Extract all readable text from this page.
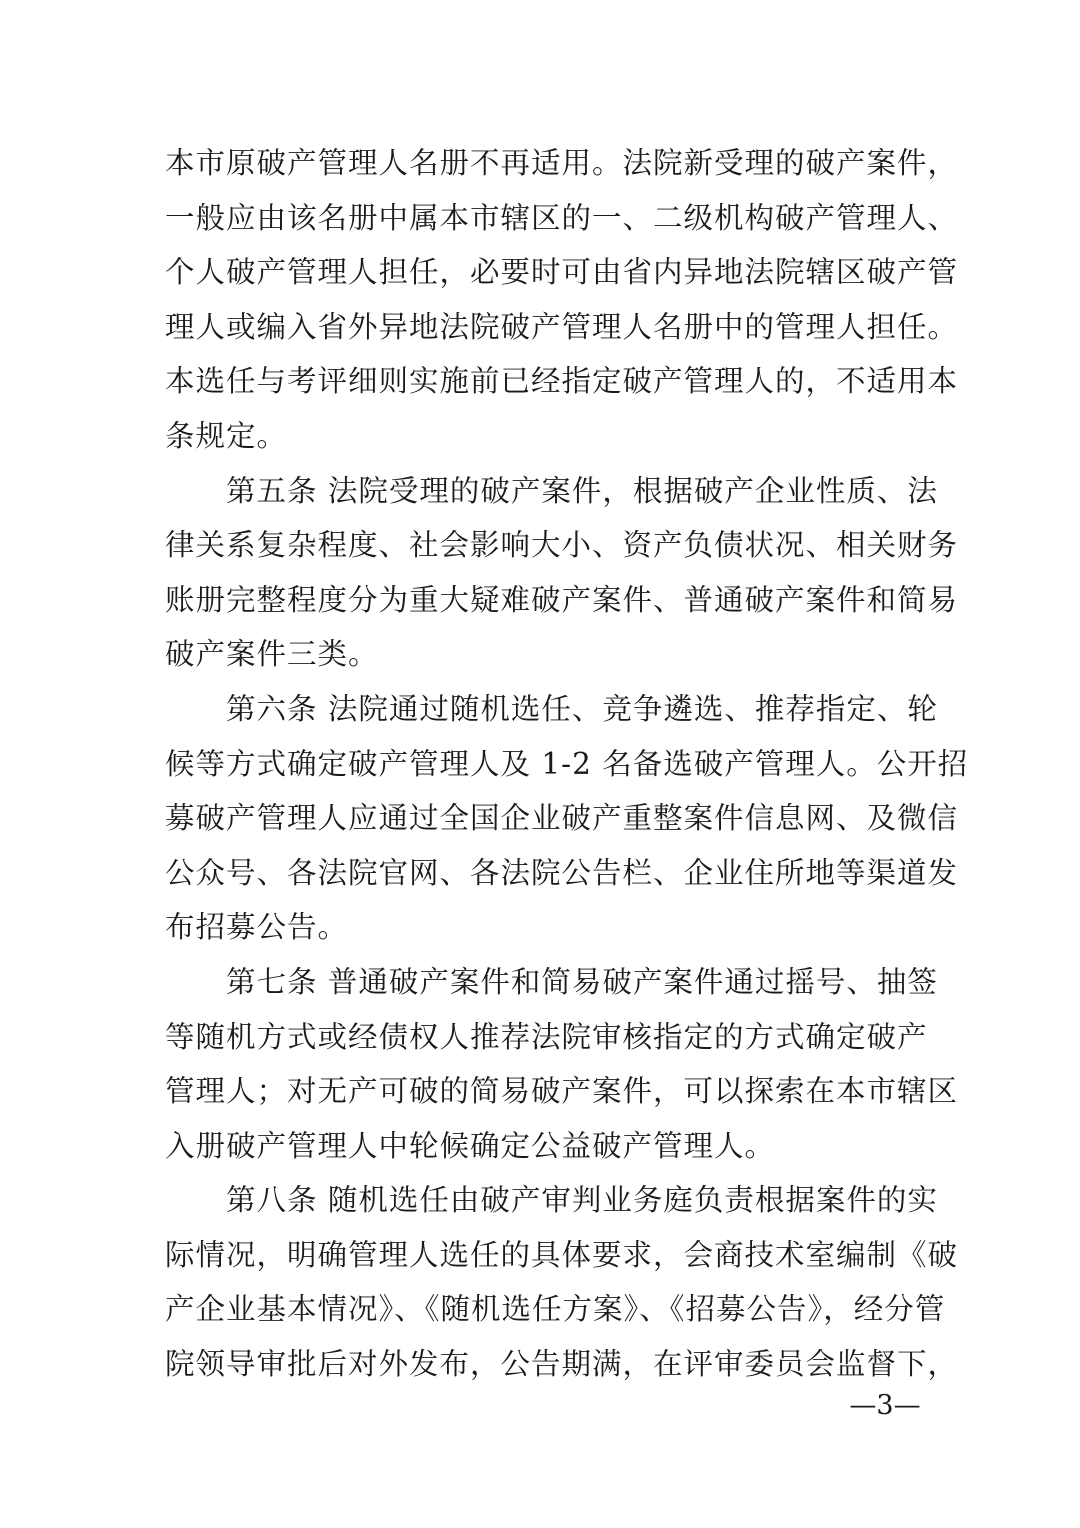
本市原破产管理人名册不再适用。法院新受理的破产案件，
一般应由该名册中属本市辖区的一、二级机构破产管理人、
个人破产管理人担任，必要时可由省内异地法院辖区破产管
理人或编入省外异地法院破产管理人名册中的管理人担任。
本选任与考评细则实施前已经指定破产管理人的，不适用本
条规定。
　　第五条 法院受理的破产案件，根据破产企业性质、法
律关系复杂程度、社会影响大小、资产负债状况、相关财务
账册完整程度分为重大疑难破产案件、普通破产案件和简易
破产案件三类。
　　第六条 法院通过随机选任、竞争遴选、推荐指定、轮
候等方式确定破产管理人及 1-2 名备选破产管理人。公开招
募破产管理人应通过全国企业破产重整案件信息网、及微信
公众号、各法院官网、各法院公告栏、企业住所地等渠道发
布招募公告。
　　第七条 普通破产案件和简易破产案件通过摇号、抽签
等随机方式或经债权人推荐法院审核指定的方式确定破产
管理人；对无产可破的简易破产案件，可以探索在本市辖区
入册破产管理人中轮候确定公益破产管理人。
　　第八条 随机选任由破产审判业务庭负责根据案件的实
际情况，明确管理人选任的具体要求，会商技术室编制《破
产企业基本情况》、《随机选任方案》、《招募公告》，经分管
院领导审批后对外发布，公告期满，在评审委员会监督下，
—3—
